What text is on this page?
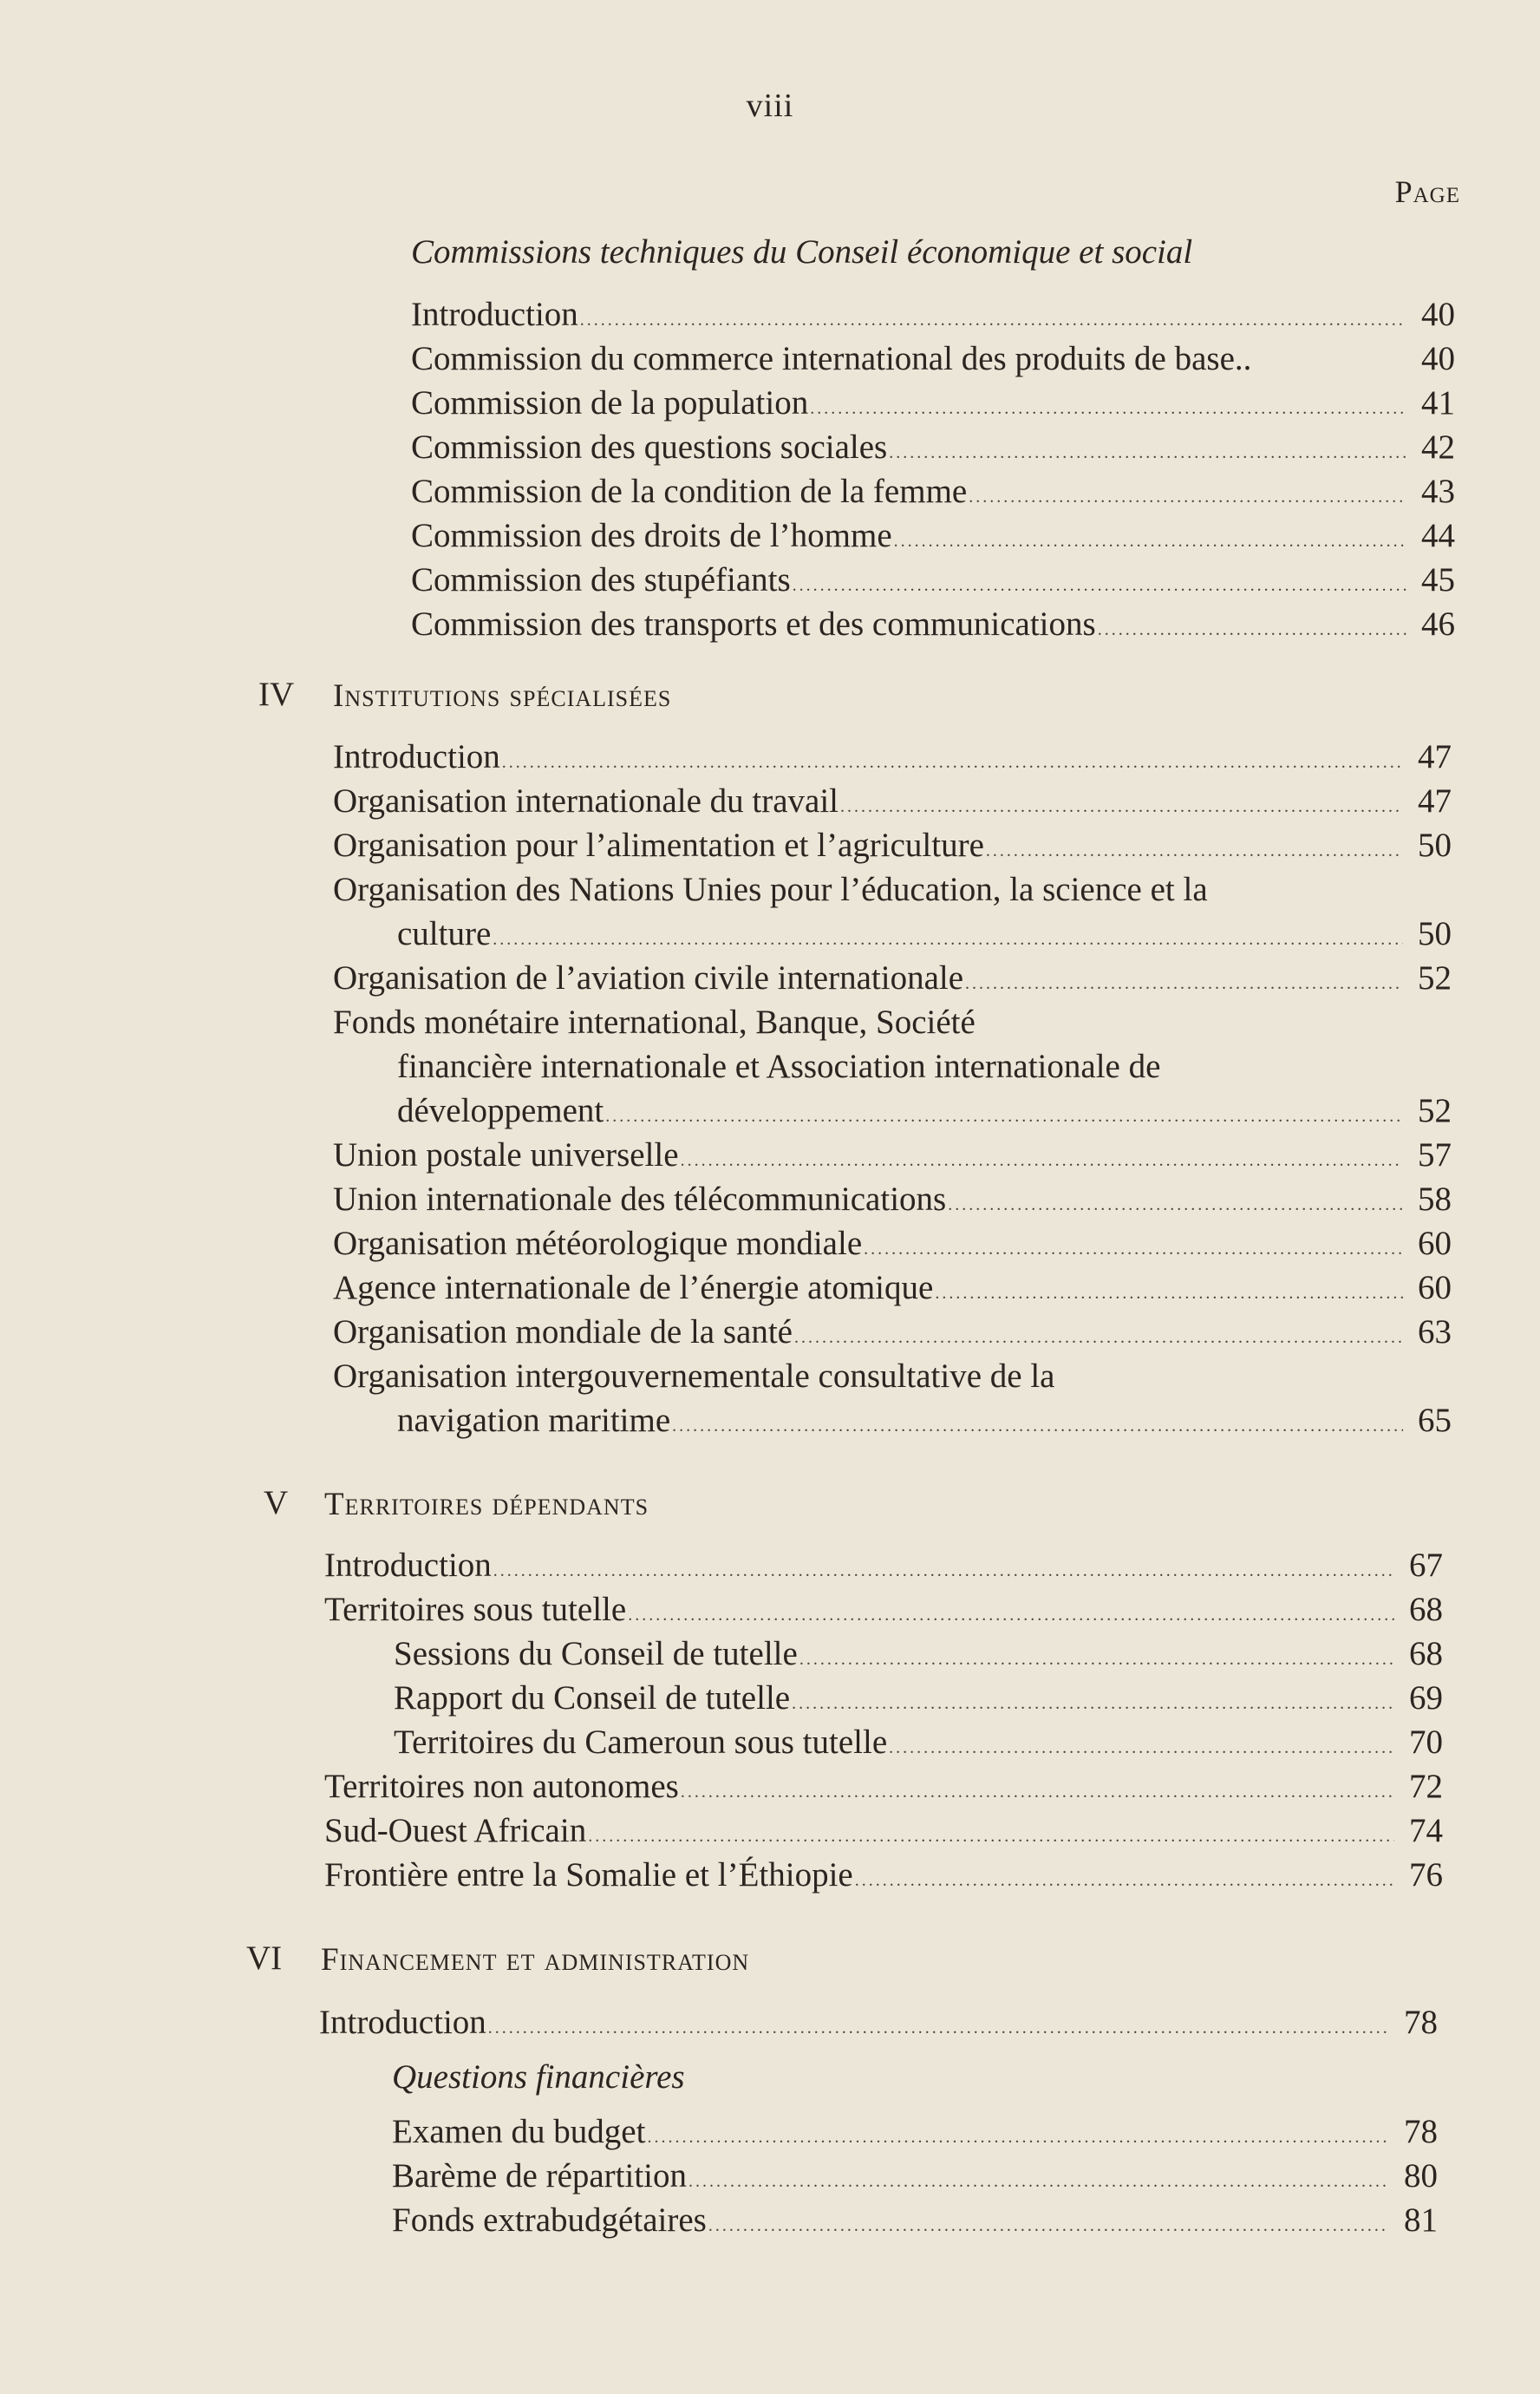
viii
Page
Commissions techniques du Conseil économique et social
Introduction .....	40
Commission du commerce international des produits de base..	40
Commission de la population .....	41
Commission des questions sociales .....	42
Commission de la condition de la femme .....	43
Commission des droits de l’homme .....	44
Commission des stupéfiants .....	45
Commission des transports et des communications .....	46
IV Institutions spécialisées
Introduction .....	47
Organisation internationale du travail .....	47
Organisation pour l’alimentation et l’agriculture .....	50
Organisation des Nations Unies pour l’éducation, la science et la
culture .....	50
Organisation de l’aviation civile internationale .....	52
Fonds monétaire international, Banque, Société
financière internationale et Association internationale de
développement .....	52
Union postale universelle .....	57
Union internationale des télécommunications .....	58
Organisation météorologique mondiale .....	60
Agence internationale de l’énergie atomique .....	60
Organisation mondiale de la santé .....	63
Organisation intergouvernementale consultative de la
navigation maritime .....	65
V Territoires dépendants
Introduction .....	67
Territoires sous tutelle .....	68
Sessions du Conseil de tutelle .....	68
Rapport du Conseil de tutelle .....	69
Territoires du Cameroun sous tutelle .....	70
Territoires non autonomes .....	72
Sud-Ouest Africain .....	74
Frontière entre la Somalie et l’Éthiopie .....	76
VI Financement et administration
Introduction .....	78
Questions financières
Examen du budget .....	78
Barème de répartition .....	80
Fonds extrabudgétaires .....	81
